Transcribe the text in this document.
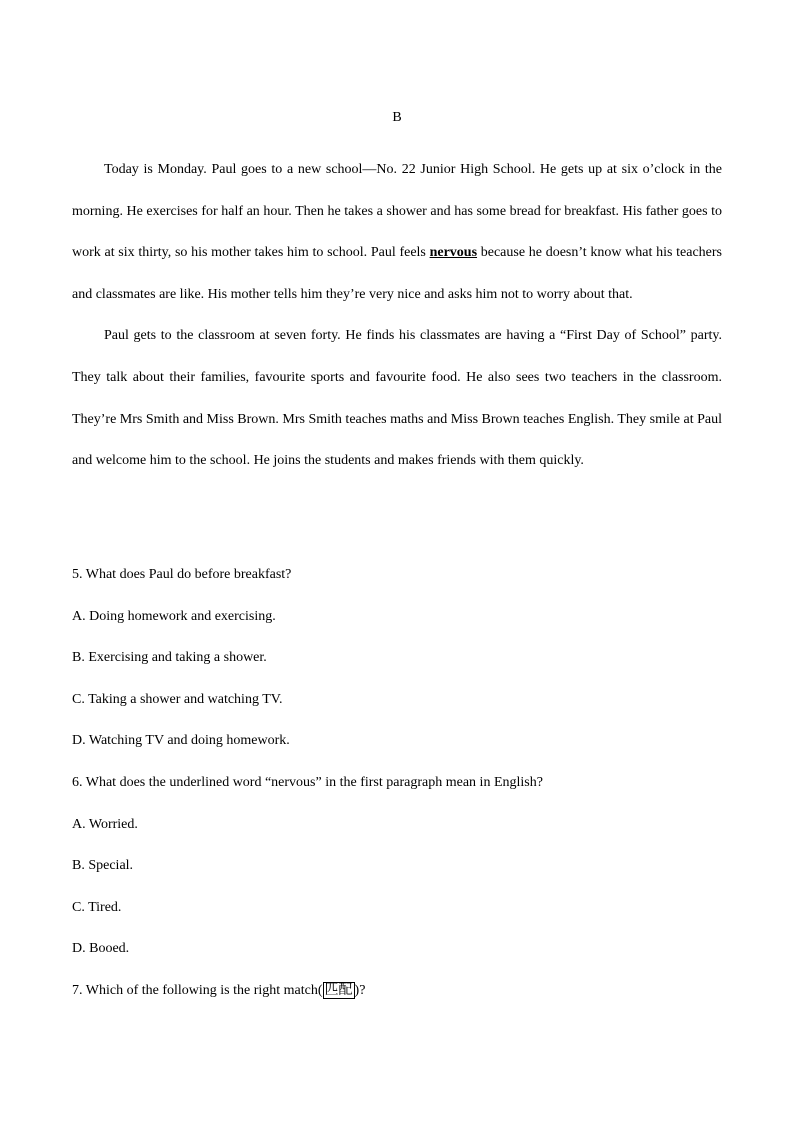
B

Today is Monday. Paul goes to a new school—No. 22 Junior High School. He gets up at six o’clock in the morning. He exercises for half an hour. Then he takes a shower and has some bread for breakfast. His father goes to work at six thirty, so his mother takes him to school. Paul feels nervous because he doesn’t know what his teachers and classmates are like. His mother tells him they’re very nice and asks him not to worry about that.

Paul gets to the classroom at seven forty. He finds his classmates are having a “First Day of School” party. They talk about their families, favourite sports and favourite food. He also sees two teachers in the classroom. They’re Mrs Smith and Miss Brown. Mrs Smith teaches maths and Miss Brown teaches English. They smile at Paul and welcome him to the school. He joins the students and makes friends with them quickly.

5. What does Paul do before breakfast?
A. Doing homework and exercising.
B. Exercising and taking a shower.
C. Taking a shower and watching TV.
D. Watching TV and doing homework.
6. What does the underlined word “nervous” in the first paragraph mean in English?
A. Worried.
B. Special.
C. Tired.
D. Booed.
7. Which of the following is the right match( 匹配 )?
